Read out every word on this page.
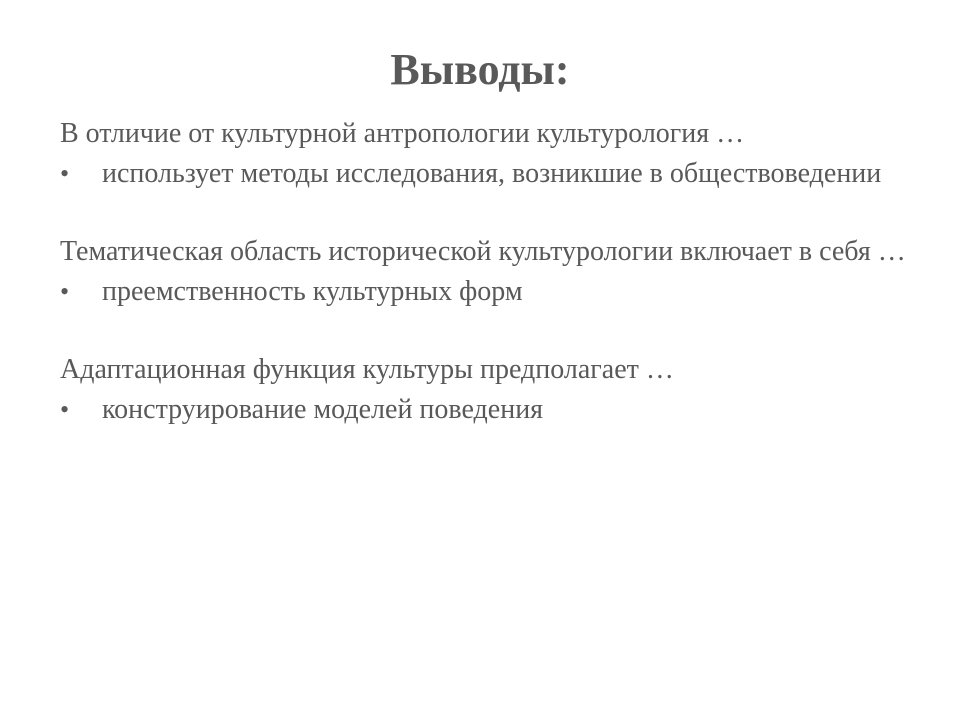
Выводы:

В отличие от культурной антропологии культурология …

•	использует методы исследования, возникшие в обществоведении

Тематическая область исторической культурологии включает в себя …

•	преемственность культурных форм

Адаптационная функция культуры предполагает …

•	конструирование моделей поведения
